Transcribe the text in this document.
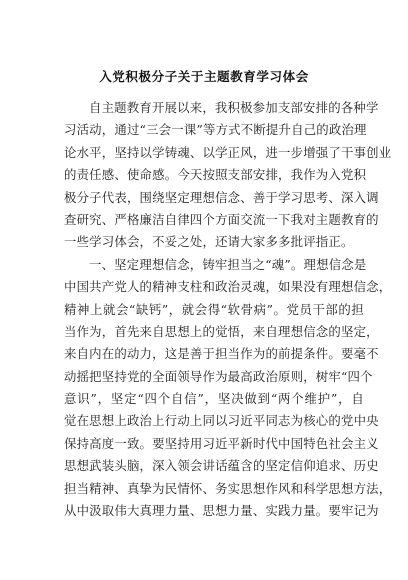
入党积极分子关于主题教育学习体会
自主题教育开展以来，我积极参加支部安排的各种学
习活动，通过“三会一课”等方式不断提升自己的政治理
论水平，坚持以学铸魂、以学正风，进一步增强了干事创业
的责任感、使命感。今天按照支部安排，我作为入党积
极分子代表，围绕坚定理想信念、善于学习思考、深入调
查研究、严格廉洁自律四个方面交流一下我对主题教育的
一些学习体会，不妥之处，还请大家多多批评指正。
一、坚定理想信念，铸牢担当之“魂”。理想信念是
中国共产党人的精神支柱和政治灵魂，如果没有理想信念，
精神上就会“缺钙”，就会得“软骨病”。党员干部的担
当作为，首先来自思想上的觉悟，来自理想信念的坚定，
来自内在的动力，这是善于担当作为的前提条件。要毫不
动摇把坚持党的全面领导作为最高政治原则，树牢“四个
意识”，坚定“四个自信”，坚决做到“两个维护”，自
觉在思想上政治上行动上同以习近平同志为核心的党中央
保持高度一致。要坚持用习近平新时代中国特色社会主义
思想武装头脑，深入领会讲话蕴含的坚定信仰追求、历史
担当精神、真挚为民情怀、务实思想作风和科学思想方法，
从中汲取伟大真理力量、思想力量、实践力量。要牢记为
